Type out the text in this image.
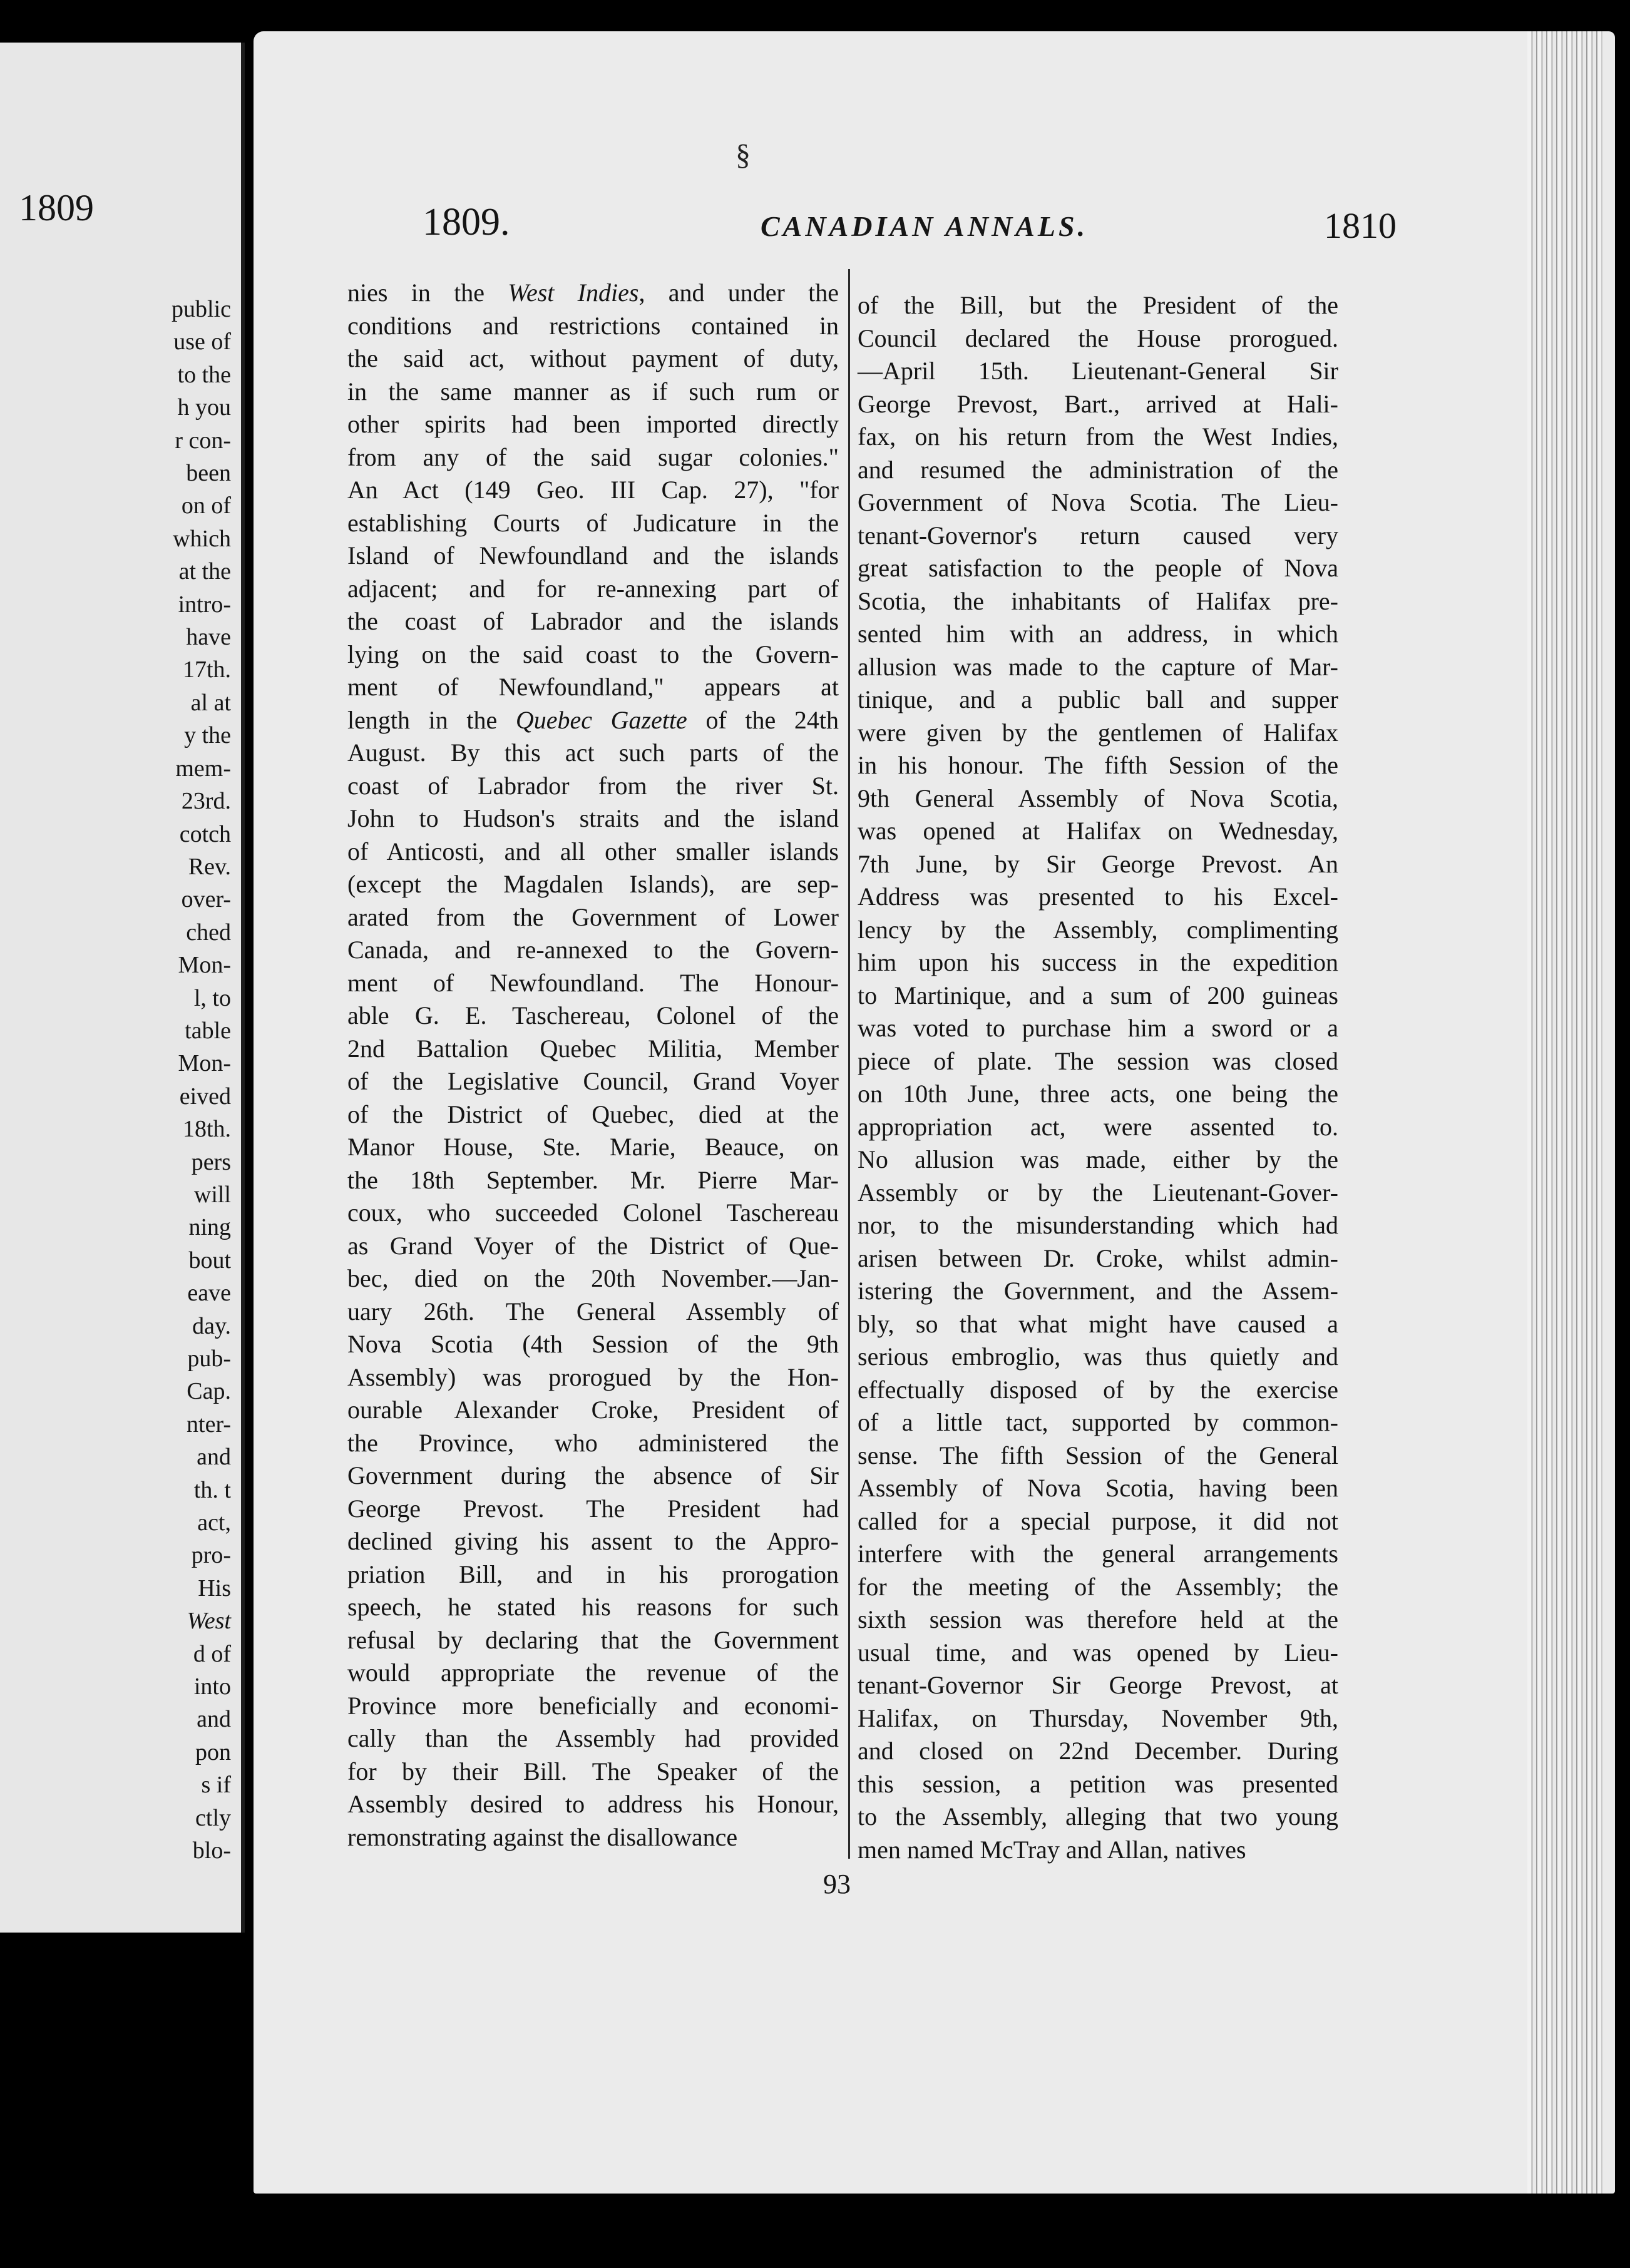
1809
public
use of
to the
h you
r con-
been
on of
which
at the
intro-
have
17th.
al at
y the
mem-
23rd.
cotch
Rev.
over-
ched
Mon-
l, to
table
Mon-
eived
18th.
pers
will
ning
bout
eave
day.
pub-
Cap.
nter-
and
th. t
act,
pro-
His
West
d of
into
and
pon
s if
ctly
blo-
§
1809.	CANADIAN ANNALS.	1810
nies in the West Indies, and under the
conditions and restrictions contained in
the said act, without payment of duty,
in the same manner as if such rum or
other spirits had been imported directly
from any of the said sugar colonies."
An Act (149 Geo. III Cap. 27), "for
establishing Courts of Judicature in the
Island of Newfoundland and the islands
adjacent; and for re-annexing part of
the coast of Labrador and the islands
lying on the said coast to the Govern-
ment of Newfoundland," appears at
length in the Quebec Gazette of the 24th
August. By this act such parts of the
coast of Labrador from the river St.
John to Hudson's straits and the island
of Anticosti, and all other smaller islands
(except the Magdalen Islands), are sep-
arated from the Government of Lower
Canada, and re-annexed to the Govern-
ment of Newfoundland. The Honour-
able G. E. Taschereau, Colonel of the
2nd Battalion Quebec Militia, Member
of the Legislative Council, Grand Voyer
of the District of Quebec, died at the
Manor House, Ste. Marie, Beauce, on
the 18th September. Mr. Pierre Mar-
coux, who succeeded Colonel Taschereau
as Grand Voyer of the District of Que-
bec, died on the 20th November.—Jan-
uary 26th. The General Assembly of
Nova Scotia (4th Session of the 9th
Assembly) was prorogued by the Hon-
ourable Alexander Croke, President of
the Province, who administered the
Government during the absence of Sir
George Prevost. The President had
declined giving his assent to the Appro-
priation Bill, and in his prorogation
speech, he stated his reasons for such
refusal by declaring that the Government
would appropriate the revenue of the
Province more beneficially and economi-
cally than the Assembly had provided
for by their Bill. The Speaker of the
Assembly desired to address his Honour,
remonstrating against the disallowance
of the Bill, but the President of the
Council declared the House prorogued.
—April 15th. Lieutenant-General Sir
George Prevost, Bart., arrived at Hali-
fax, on his return from the West Indies,
and resumed the administration of the
Government of Nova Scotia. The Lieu-
tenant-Governor's return caused very
great satisfaction to the people of Nova
Scotia, the inhabitants of Halifax pre-
sented him with an address, in which
allusion was made to the capture of Mar-
tinique, and a public ball and supper
were given by the gentlemen of Halifax
in his honour. The fifth Session of the
9th General Assembly of Nova Scotia,
was opened at Halifax on Wednesday,
7th June, by Sir George Prevost. An
Address was presented to his Excel-
lency by the Assembly, complimenting
him upon his success in the expedition
to Martinique, and a sum of 200 guineas
was voted to purchase him a sword or a
piece of plate. The session was closed
on 10th June, three acts, one being the
appropriation act, were assented to.
No allusion was made, either by the
Assembly or by the Lieutenant-Gover-
nor, to the misunderstanding which had
arisen between Dr. Croke, whilst admin-
istering the Government, and the Assem-
bly, so that what might have caused a
serious embroglio, was thus quietly and
effectually disposed of by the exercise
of a little tact, supported by common-
sense. The fifth Session of the General
Assembly of Nova Scotia, having been
called for a special purpose, it did not
interfere with the general arrangements
for the meeting of the Assembly; the
sixth session was therefore held at the
usual time, and was opened by Lieu-
tenant-Governor Sir George Prevost, at
Halifax, on Thursday, November 9th,
and closed on 22nd December. During
this session, a petition was presented
to the Assembly, alleging that two young
men named McTray and Allan, natives
93
